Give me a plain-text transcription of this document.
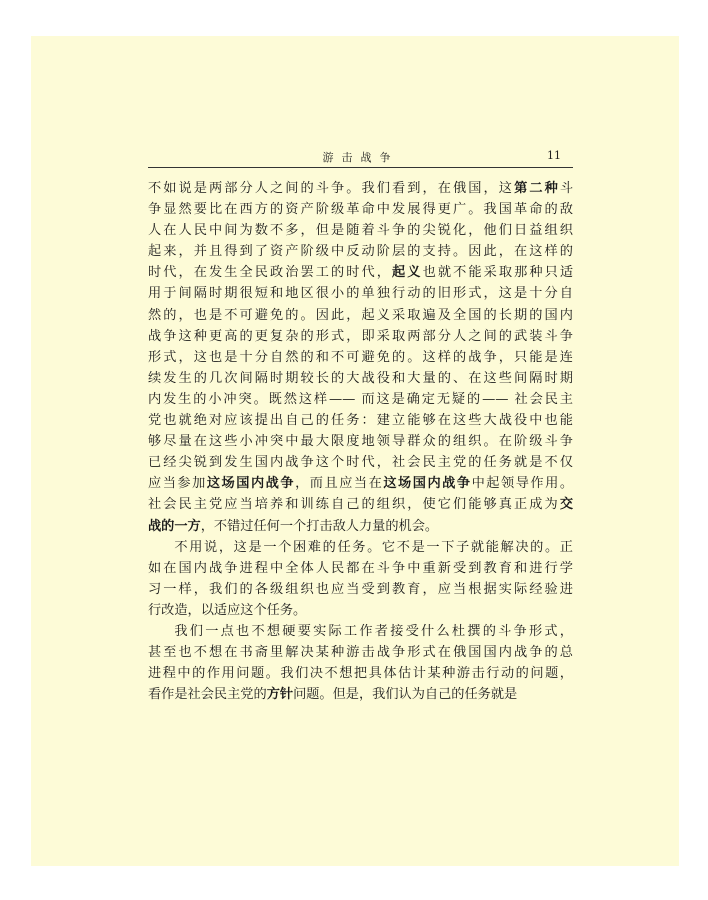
游击战争	11

不如说是两部分人之间的斗争。我们看到，在俄国，这第二种斗
争显然要比在西方的资产阶级革命中发展得更广。我国革命的敌
人在人民中间为数不多，但是随着斗争的尖锐化，他们日益组织
起来，并且得到了资产阶级中反动阶层的支持。因此，在这样的
时代，在发生全民政治罢工的时代，起义也就不能采取那种只适
用于间隔时期很短和地区很小的单独行动的旧形式，这是十分自
然的，也是不可避免的。因此，起义采取遍及全国的长期的国内
战争这种更高的更复杂的形式，即采取两部分人之间的武装斗争
形式，这也是十分自然的和不可避免的。这样的战争，只能是连
续发生的几次间隔时期较长的大战役和大量的、在这些间隔时期
内发生的小冲突。既然这样—— 而这是确定无疑的—— 社会民主
党也就绝对应该提出自己的任务：建立能够在这些大战役中也能
够尽量在这些小冲突中最大限度地领导群众的组织。在阶级斗争
已经尖锐到发生国内战争这个时代，社会民主党的任务就是不仅
应当参加这场国内战争，而且应当在这场国内战争中起领导作用。
社会民主党应当培养和训练自己的组织，使它们能够真正成为交
战的一方，不错过任何一个打击敌人力量的机会。

不用说，这是一个困难的任务。它不是一下子就能解决的。正
如在国内战争进程中全体人民都在斗争中重新受到教育和进行学
习一样，我们的各级组织也应当受到教育，应当根据实际经验进
行改造，以适应这个任务。

我们一点也不想硬要实际工作者接受什么杜撰的斗争形式，
甚至也不想在书斋里解决某种游击战争形式在俄国国内战争的总
进程中的作用问题。我们决不想把具体估计某种游击行动的问题，
看作是社会民主党的方针问题。但是，我们认为自己的任务就是
